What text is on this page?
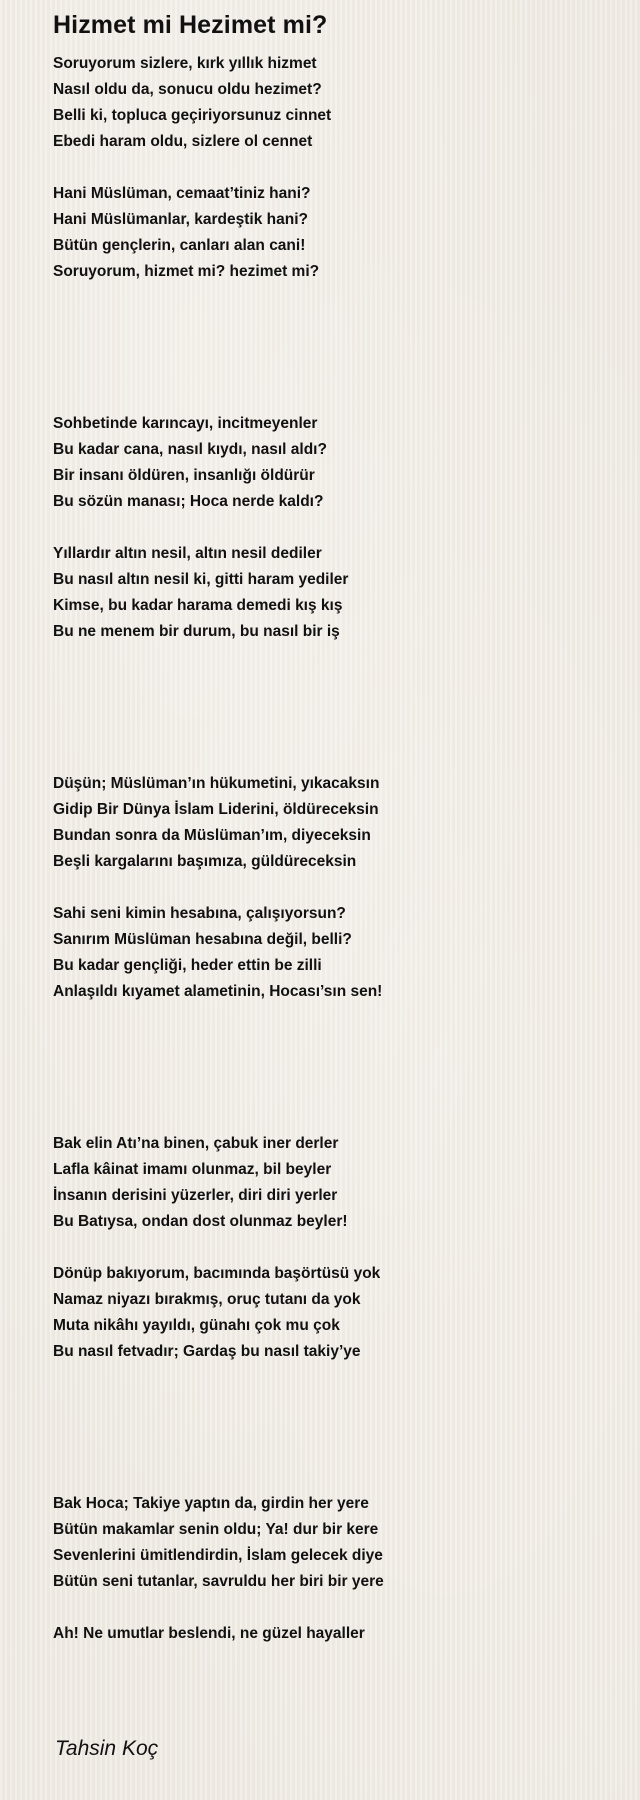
Hizmet mi Hezimet mi?
Soruyorum sizlere, kırk yıllık hizmet
Nasıl oldu da, sonucu oldu hezimet?
Belli ki, topluca geçiriyorsunuz cinnet
Ebedi haram oldu, sizlere ol cennet
Hani Müslüman, cemaat’tiniz hani?
Hani Müslümanlar, kardeştik hani?
Bütün gençlerin, canları alan cani!
Soruyorum, hizmet mi? hezimet mi?
Sohbetinde karıncayı, incitmeyenler
Bu kadar cana, nasıl kıydı, nasıl aldı?
Bir insanı öldüren, insanlığı öldürür
Bu sözün manası; Hoca nerde kaldı?
Yıllardır altın nesil, altın nesil dediler
Bu nasıl altın nesil ki, gitti haram yediler
Kimse, bu kadar harama demedi kış kış
Bu ne menem bir durum, bu nasıl bir iş
Düşün; Müslüman’ın hükumetini, yıkacaksın
Gidip Bir Dünya İslam Liderini, öldüreceksin
Bundan sonra da Müslüman’ım, diyeceksin
Beşli kargalarını başımıza, güldüreceksin
Sahi seni kimin hesabına, çalışıyorsun?
Sanırım Müslüman hesabına değil, belli?
Bu kadar gençliği, heder ettin be zilli
Anlaşıldı kıyamet alametinin, Hocası’sın sen!
Bak elin Atı’na binen, çabuk iner derler
Lafla kâinat imamı olunmaz, bil beyler
İnsanın derisini yüzerler, diri diri yerler
Bu Batıysa, ondan dost olunmaz beyler!
Dönüp bakıyorum, bacımında başörtüsü yok
Namaz niyazı bırakmış, oruç tutanı da yok
Muta nikâhı yayıldı, günahı çok mu çok
Bu nasıl fetvadır; Gardaş bu nasıl takiy’ye
Bak Hoca; Takiye yaptın da, girdin her yere
Bütün makamlar senin oldu; Ya! dur bir kere
Sevenlerini ümitlendirdin, İslam gelecek diye
Bütün seni tutanlar, savruldu her biri bir yere
Ah! Ne umutlar beslendi, ne güzel hayaller
Tahsin Koç
